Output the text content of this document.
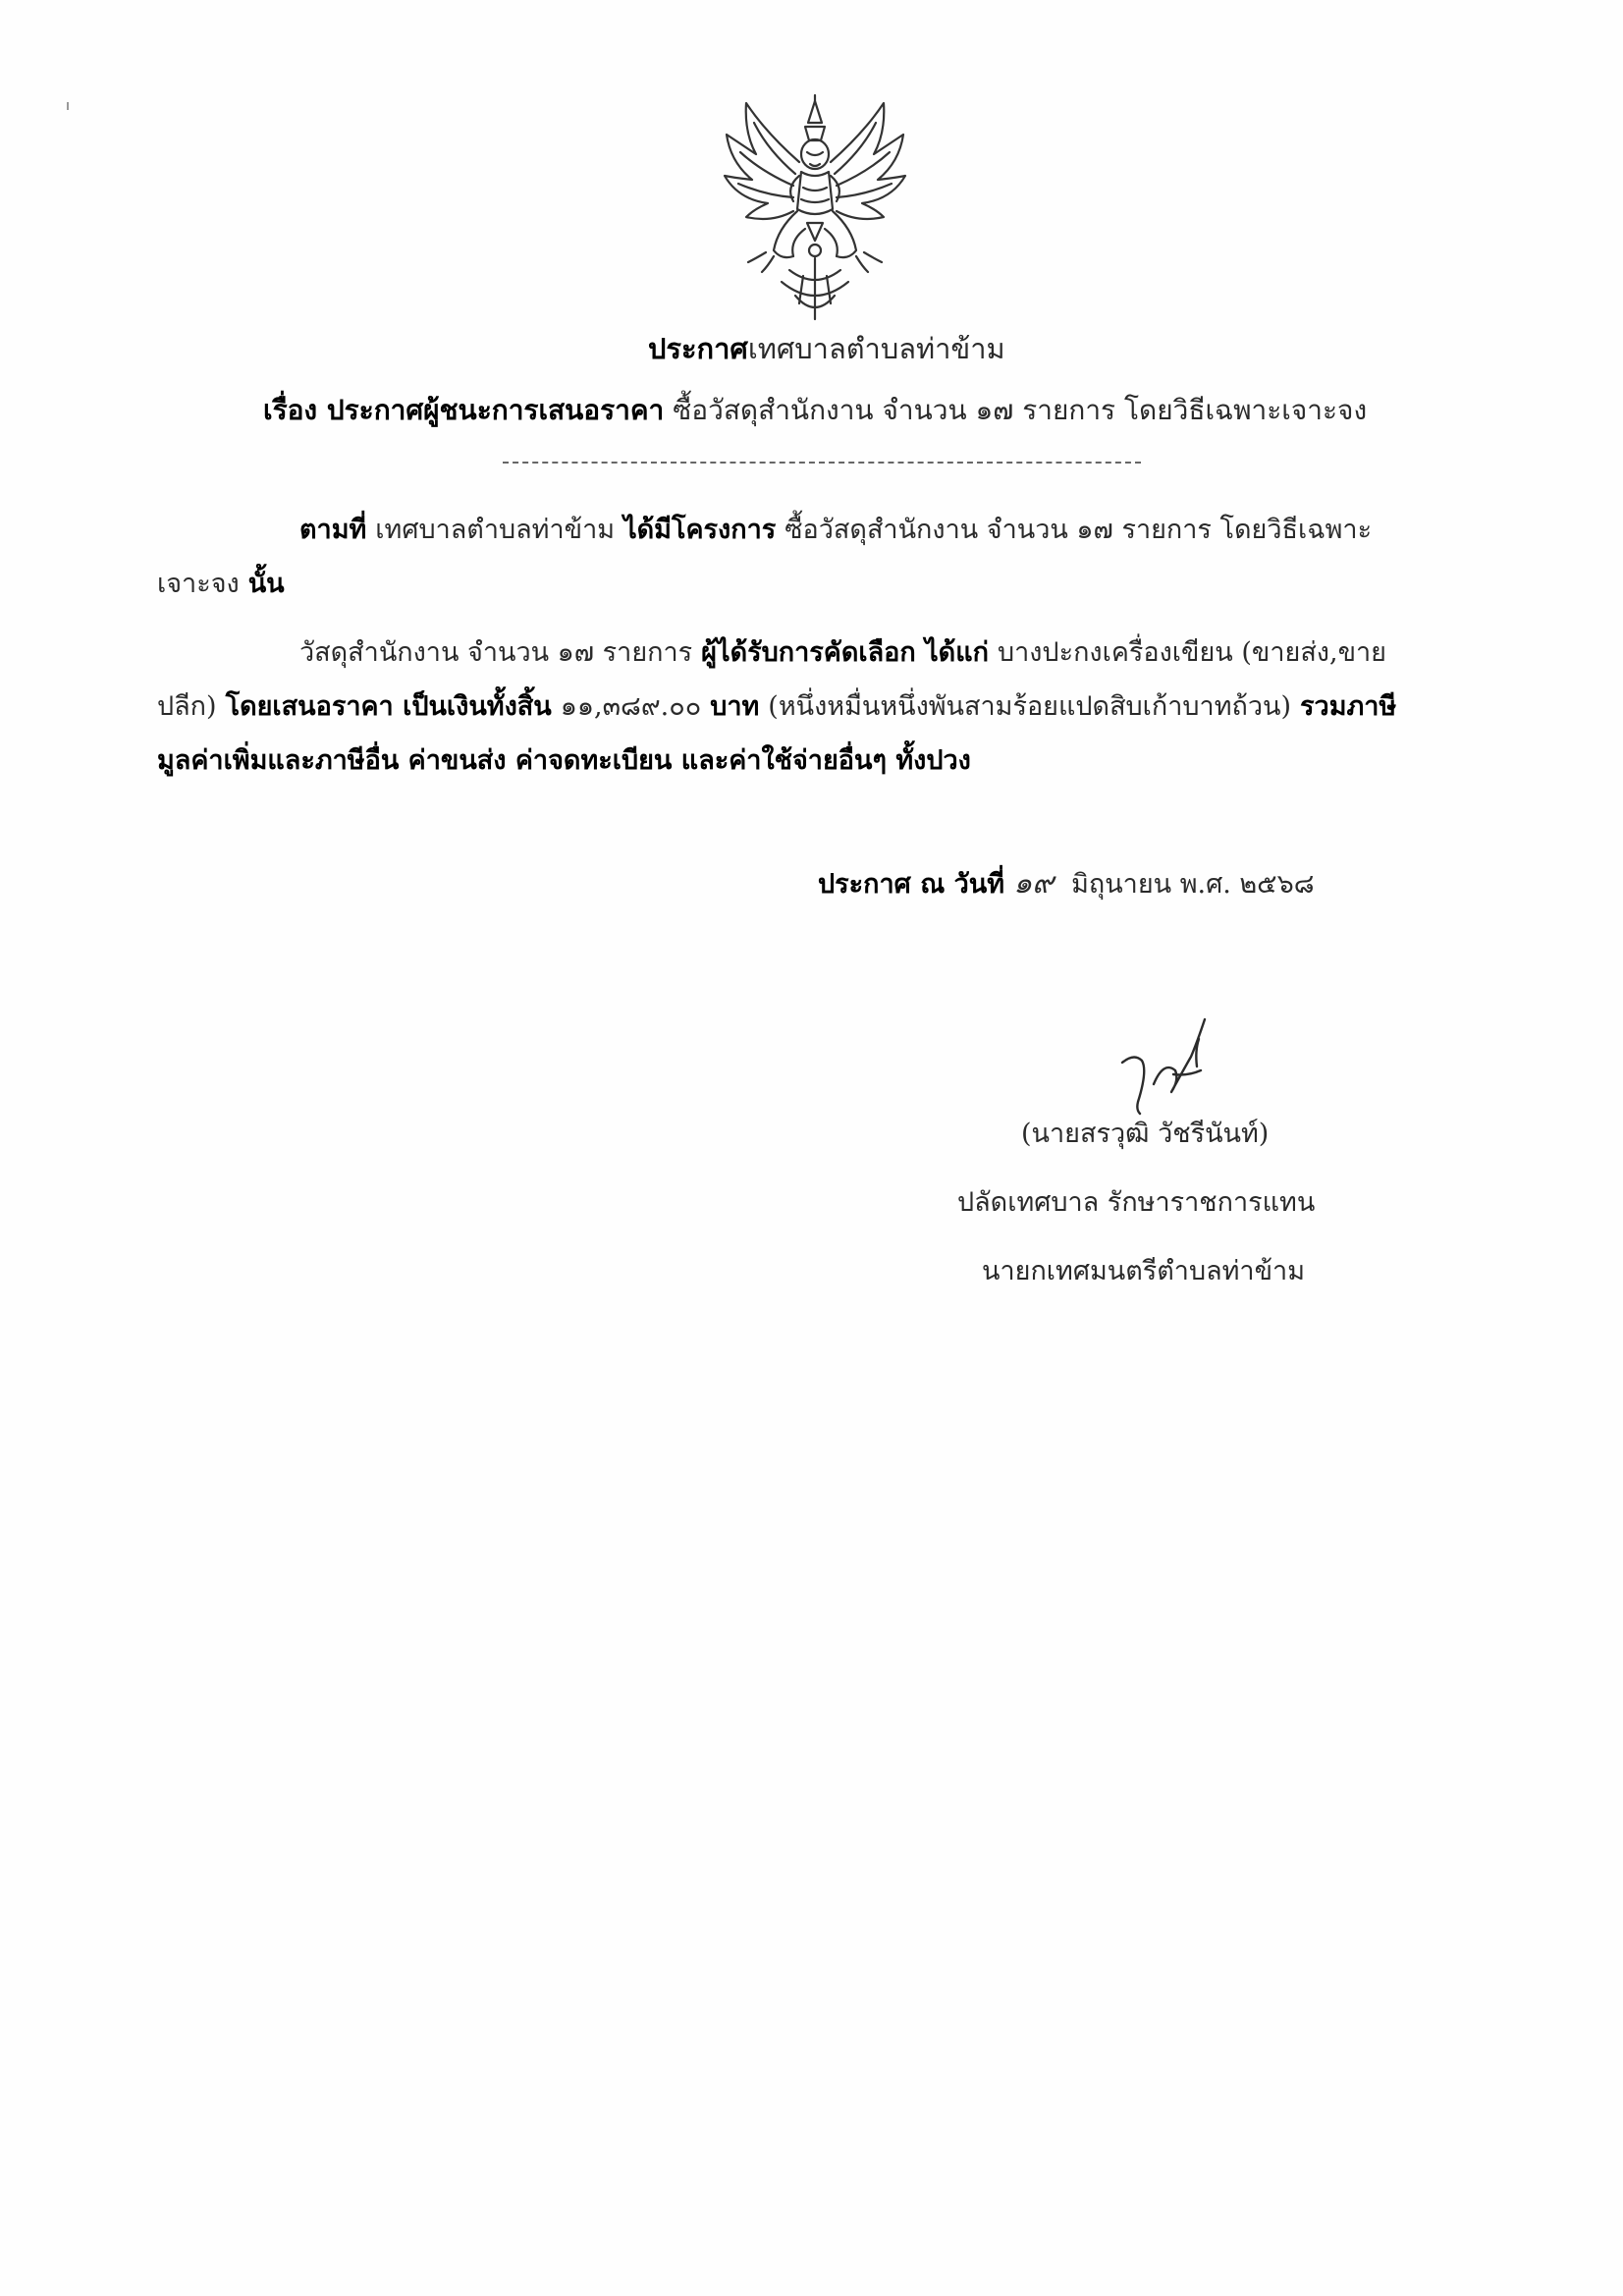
ประกาศเทศบาลตำบลท่าข้าม
เรื่อง ประกาศผู้ชนะการเสนอราคา ซื้อวัสดุสำนักงาน จำนวน ๑๗ รายการ โดยวิธีเฉพาะเจาะจง
ตามที่ เทศบาลตำบลท่าข้าม ได้มีโครงการ ซื้อวัสดุสำนักงาน จำนวน ๑๗ รายการ โดยวิธีเฉพาะ
เจาะจง นั้น
วัสดุสำนักงาน จำนวน ๑๗ รายการ ผู้ได้รับการคัดเลือก ได้แก่ บางปะกงเครื่องเขียน (ขายส่ง,ขาย
ปลีก) โดยเสนอราคา เป็นเงินทั้งสิ้น ๑๑,๓๘๙.๐๐ บาท (หนึ่งหมื่นหนึ่งพันสามร้อยแปดสิบเก้าบาทถ้วน) รวมภาษี
มูลค่าเพิ่มและภาษีอื่น ค่าขนส่ง ค่าจดทะเบียน และค่าใช้จ่ายอื่นๆ ทั้งปวง
ประกาศ ณ วันที่ ๑๙ มิถุนายน พ.ศ. ๒๕๖๘
(นายสรวุฒิ วัชรีนันท์)
ปลัดเทศบาล รักษาราชการแทน
นายกเทศมนตรีตำบลท่าข้าม
